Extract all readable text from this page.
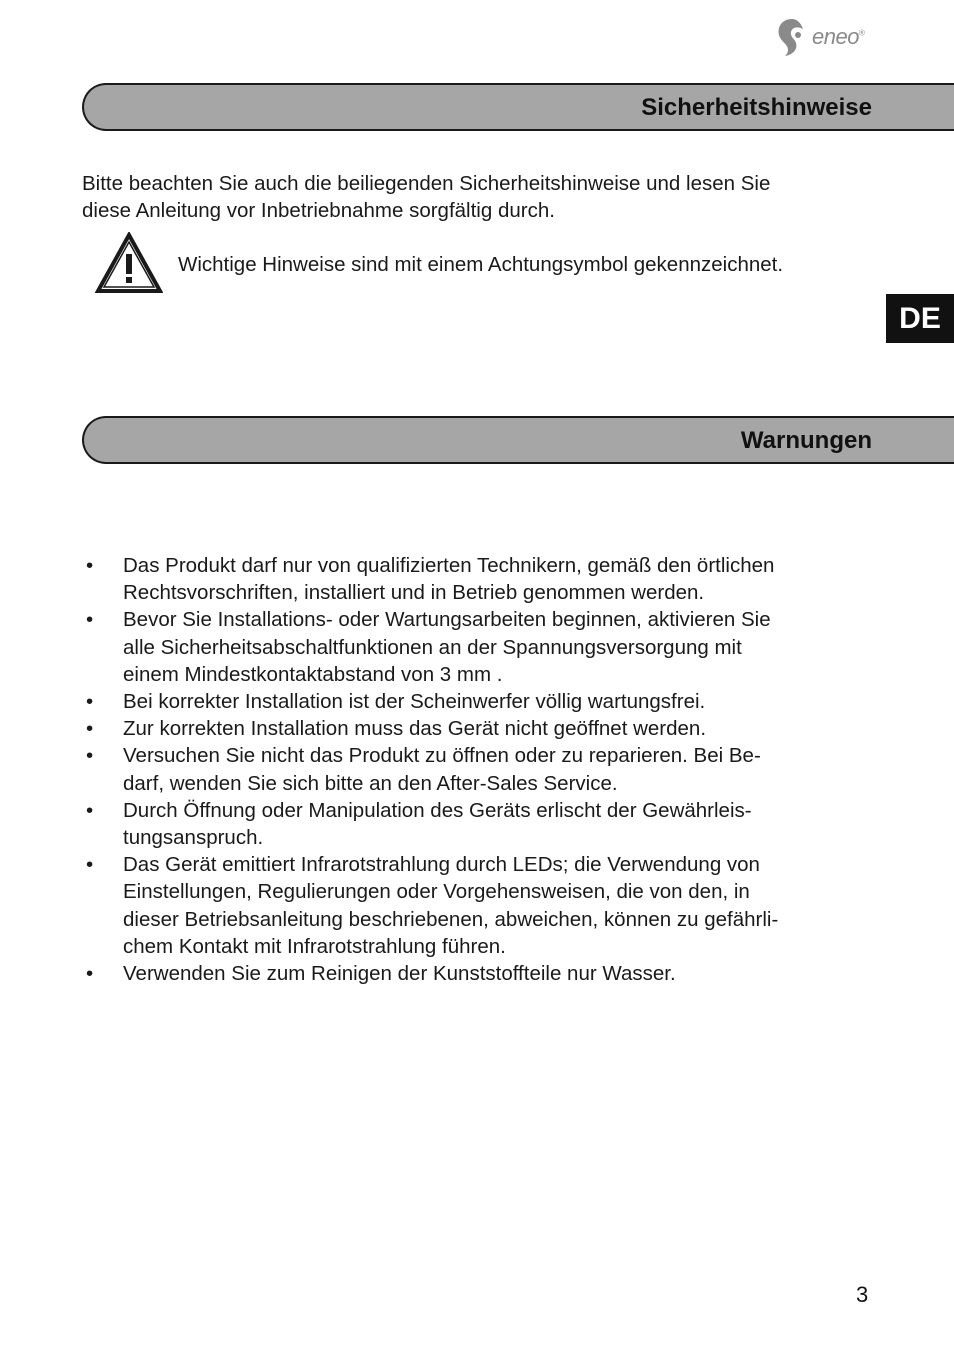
eneo®
Sicherheitshinweise
Bitte beachten Sie auch die beiliegenden Sicherheitshinweise und lesen Sie
diese Anleitung vor Inbetriebnahme sorgfältig durch.
Wichtige Hinweise sind mit einem Achtungsymbol gekennzeichnet.
DE
Warnungen
• Das Produkt darf nur von qualifizierten Technikern, gemäß den örtlichen
Rechtsvorschriften, installiert und in Betrieb genommen werden.
• Bevor Sie Installations- oder Wartungsarbeiten beginnen, aktivieren Sie
alle Sicherheitsabschaltfunktionen an der Spannungsversorgung mit
einem Mindestkontaktabstand von 3 mm .
• Bei korrekter Installation ist der Scheinwerfer völlig wartungsfrei.
• Zur korrekten Installation muss das Gerät nicht geöffnet werden.
• Versuchen Sie nicht das Produkt zu öffnen oder zu reparieren. Bei Be-
darf, wenden Sie sich bitte an den After-Sales Service.
• Durch Öffnung oder Manipulation des Geräts erlischt der Gewährleis-
tungsanspruch.
• Das Gerät emittiert Infrarotstrahlung durch LEDs; die Verwendung von
Einstellungen, Regulierungen oder Vorgehensweisen, die von den, in
dieser Betriebsanleitung beschriebenen, abweichen, können zu gefährli-
chem Kontakt mit Infrarotstrahlung führen.
• Verwenden Sie zum Reinigen der Kunststoffteile nur Wasser.
3
